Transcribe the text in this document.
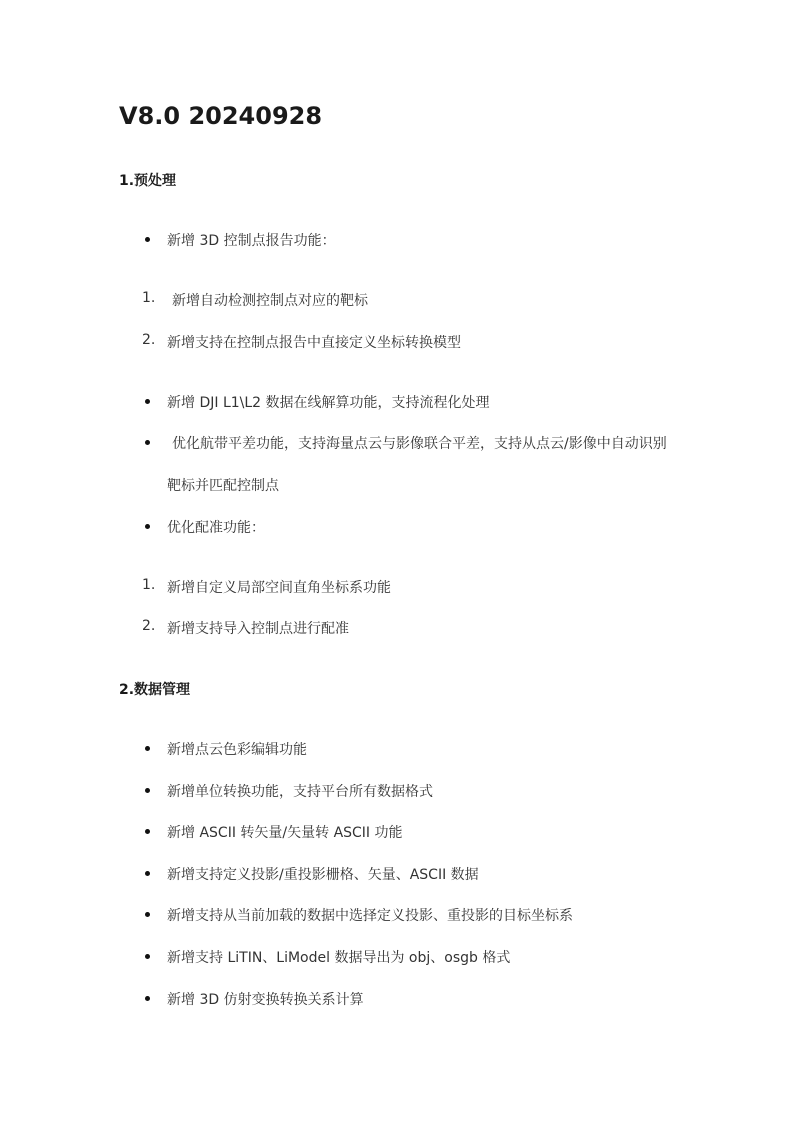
V8.0 20240928
1.预处理
新增 3D 控制点报告功能：
1. 新增自动检测控制点对应的靶标
2. 新增支持在控制点报告中直接定义坐标转换模型
新增 DJI L1\L2 数据在线解算功能，支持流程化处理
优化航带平差功能，支持海量点云与影像联合平差，支持从点云/影像中自动识别
靶标并匹配控制点
优化配准功能：
1. 新增自定义局部空间直角坐标系功能
2. 新增支持导入控制点进行配准
2.数据管理
新增点云色彩编辑功能
新增单位转换功能，支持平台所有数据格式
新增 ASCII 转矢量/矢量转 ASCII 功能
新增支持定义投影/重投影栅格、矢量、ASCII 数据
新增支持从当前加载的数据中选择定义投影、重投影的目标坐标系
新增支持 LiTIN、LiModel 数据导出为 obj、osgb 格式
新增 3D 仿射变换转换关系计算
